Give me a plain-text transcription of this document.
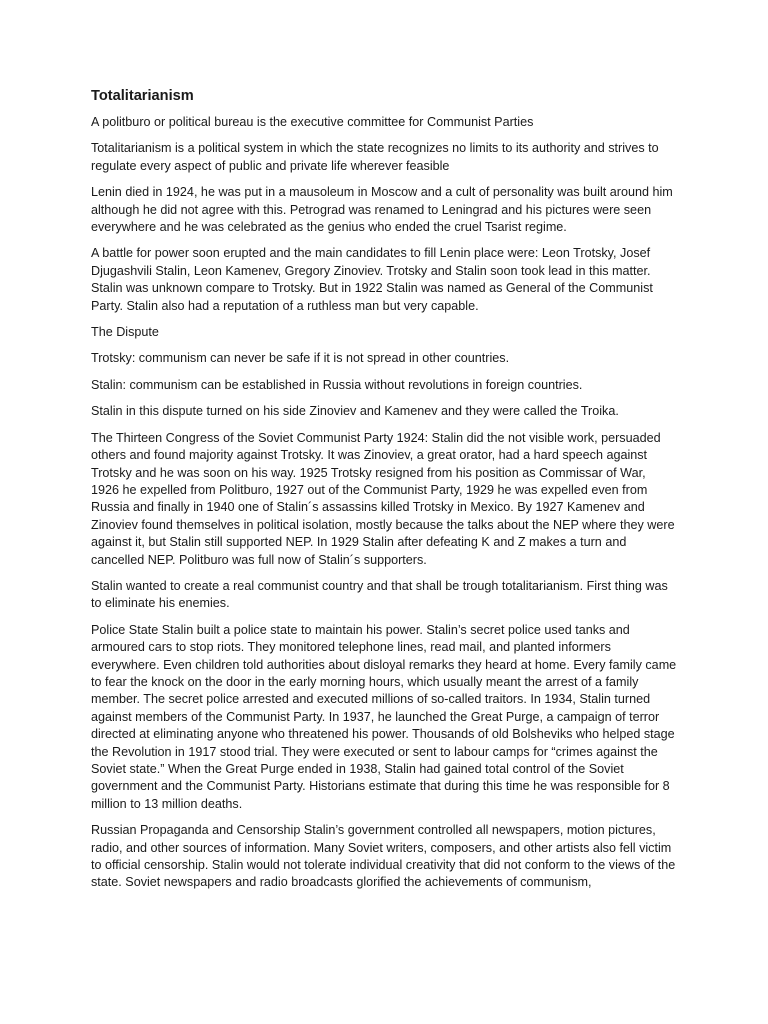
Totalitarianism

A politburo or political bureau is the executive committee for Communist Parties

Totalitarianism is a political system in which the state recognizes no limits to its authority and strives to regulate every aspect of public and private life wherever feasible

Lenin died in 1924, he was put in a mausoleum in Moscow and a cult of personality was built around him although he did not agree with this. Petrograd was renamed to Leningrad and his pictures were seen everywhere and he was celebrated as the genius who ended the cruel Tsarist regime.

A battle for power soon erupted and the main candidates to fill Lenin place were: Leon Trotsky, Josef Djugashvili Stalin, Leon Kamenev, Gregory Zinoviev. Trotsky and Stalin soon took lead in this matter. Stalin was unknown compare to Trotsky. But in 1922 Stalin was named as General of the Communist Party. Stalin also had a reputation of a ruthless man but very capable.

The Dispute

Trotsky: communism can never be safe if it is not spread in other countries.

Stalin: communism can be established in Russia without revolutions in foreign countries.

Stalin in this dispute turned on his side Zinoviev and Kamenev and they were called the Troika.

The Thirteen Congress of the Soviet Communist Party 1924: Stalin did the not visible work, persuaded others and found majority against Trotsky. It was Zinoviev, a great orator, had a hard speech against Trotsky and he was soon on his way. 1925 Trotsky resigned from his position as Commissar of War, 1926 he expelled from Politburo, 1927 out of the Communist Party, 1929 he was expelled even from Russia and finally in 1940 one of Stalin´s assassins killed Trotsky in Mexico. By 1927 Kamenev and Zinoviev found themselves in political isolation, mostly because the talks about the NEP where they were against it, but Stalin still supported NEP. In 1929 Stalin after defeating K and Z makes a turn and cancelled NEP. Politburo was full now of Stalin´s supporters.

Stalin wanted to create a real communist country and that shall be trough totalitarianism. First thing was to eliminate his enemies.

Police State Stalin built a police state to maintain his power. Stalin’s secret police used tanks and armoured cars to stop riots. They monitored telephone lines, read mail, and planted informers everywhere. Even children told authorities about disloyal remarks they heard at home. Every family came to fear the knock on the door in the early morning hours, which usually meant the arrest of a family member. The secret police arrested and executed millions of so-called traitors. In 1934, Stalin turned against members of the Communist Party. In 1937, he launched the Great Purge, a campaign of terror directed at eliminating anyone who threatened his power. Thousands of old Bolsheviks who helped stage the Revolution in 1917 stood trial. They were executed or sent to labour camps for “crimes against the Soviet state.” When the Great Purge ended in 1938, Stalin had gained total control of the Soviet government and the Communist Party. Historians estimate that during this time he was responsible for 8 million to 13 million deaths.

Russian Propaganda and Censorship Stalin’s government controlled all newspapers, motion pictures, radio, and other sources of information. Many Soviet writers, composers, and other artists also fell victim to official censorship. Stalin would not tolerate individual creativity that did not conform to the views of the state. Soviet newspapers and radio broadcasts glorified the achievements of communism,
